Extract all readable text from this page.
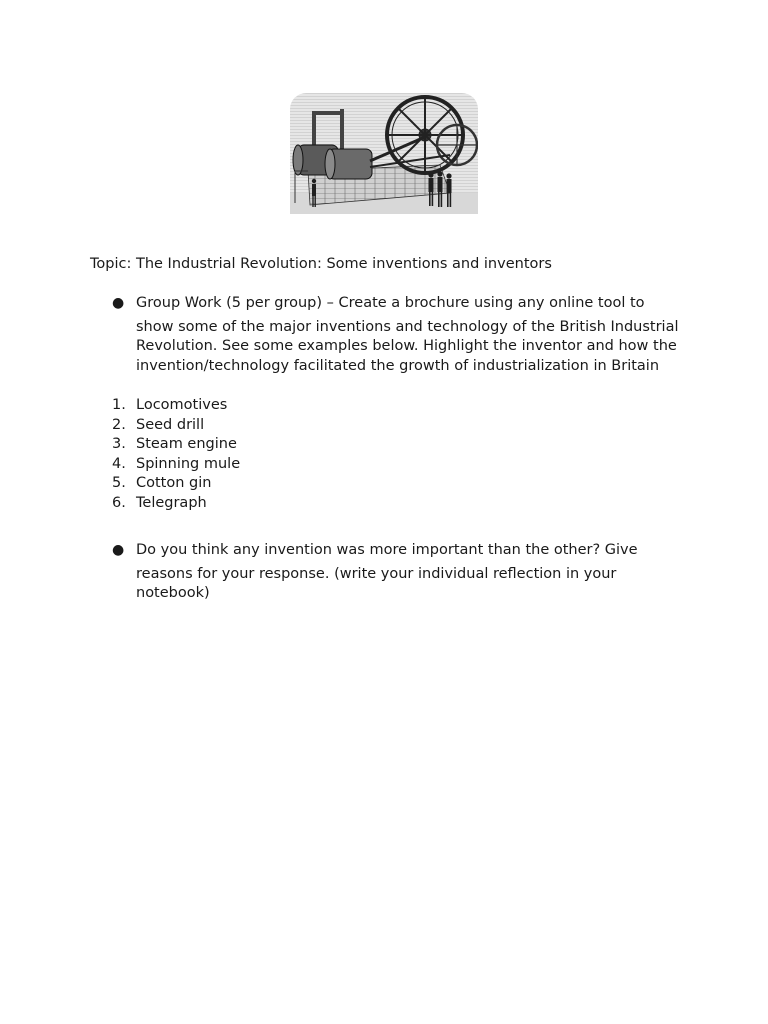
Topic: The Industrial Revolution: Some inventions and inventors
● Group Work (5 per group) – Create a brochure using any online tool to
show some of the major inventions and technology of the British Industrial Revolution. See some examples below. Highlight the inventor and how the invention/technology facilitated the growth of industrialization in Britain
1. Locomotives
2. Seed drill
3. Steam engine
4. Spinning mule
5. Cotton gin
6. Telegraph
● Do you think any invention was more important than the other? Give
reasons for your response. (write your individual reflection in your notebook)
